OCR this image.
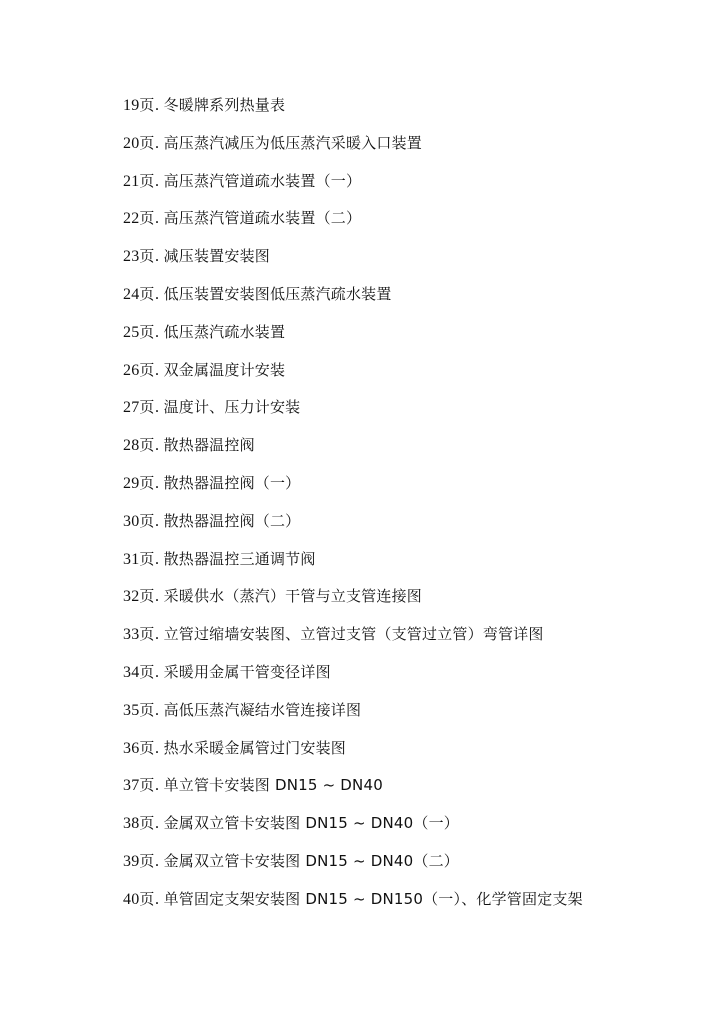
19页. 冬暖牌系列热量表
20页. 高压蒸汽减压为低压蒸汽采暖入口装置
21页. 高压蒸汽管道疏水装置（一）
22页. 高压蒸汽管道疏水装置（二）
23页. 减压装置安装图
24页. 低压装置安装图低压蒸汽疏水装置
25页. 低压蒸汽疏水装置
26页. 双金属温度计安装
27页. 温度计、压力计安装
28页. 散热器温控阀
29页. 散热器温控阀（一）
30页. 散热器温控阀（二）
31页. 散热器温控三通调节阀
32页. 采暖供水（蒸汽）干管与立支管连接图
33页. 立管过缩墙安装图、立管过支管（支管过立管）弯管详图
34页. 采暖用金属干管变径详图
35页. 高低压蒸汽凝结水管连接详图
36页. 热水采暖金属管过门安装图
37页. 单立管卡安装图 DN15 ~ DN40
38页. 金属双立管卡安装图 DN15 ~ DN40（一）
39页. 金属双立管卡安装图 DN15 ~ DN40（二）
40页. 单管固定支架安装图 DN15 ~ DN150（一）、化学管固定支架
